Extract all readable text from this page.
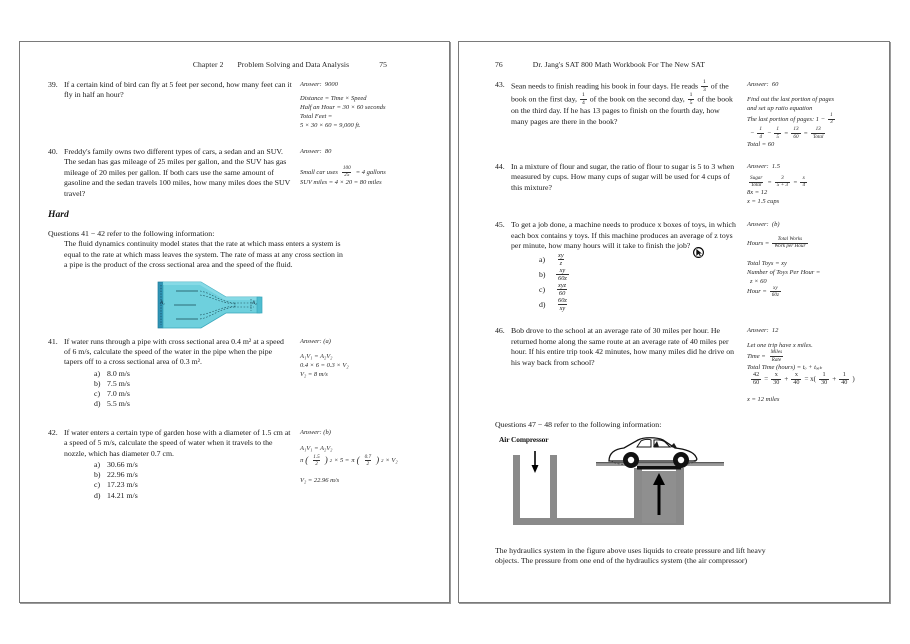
Chapter 2 Problem Solving and Data Analysis	75
39. If a certain kind of bird can fly at 5 feet per second, how many feet can it fly in half an hour?
Answer: 9000
Distance = Time × Speed
Half an Hour = 30 × 60 seconds
Total Feet =
5 × 30 × 60 = 9,000 ft.
40. Freddy's family owns two different types of cars, a sedan and an SUV. The sedan has gas mileage of 25 miles per gallon, and the SUV has gas mileage of 20 miles per gallon. If both cars use the same amount of gasoline and the sedan travels 100 miles, how many miles does the SUV travel?
Answer: 80
Small car uses $\frac{100}{25} = 4$ gallons
SUV miles = 4 × 20 = 80 miles
Hard
Questions 41 − 42 refer to the following information:
The fluid dynamics continuity model states that the rate at which mass enters a system is equal to the rate at which mass leaves the system. The rate of mass at any cross section in a pipe is the product of the cross sectional area and the speed of the fluid.
A₁	A₂
41. If water runs through a pipe with cross sectional area 0.4 m² at a speed of 6 m/s, calculate the speed of the water in the pipe when the pipe tapers off to a cross sectional area of 0.3 m².
a) 8.0 m/s
b) 7.5 m/s
c) 7.0 m/s
d) 5.5 m/s
Answer: (a)
A₁V₁ = A₂V₂
0.4 × 6 = 0.3 × V₂
V₂ = 8 m/s
42. If water enters a certain type of garden hose with a diameter of 1.5 cm at a speed of 5 m/s, calculate the speed of water when it travels to the nozzle, which has diameter 0.7 cm.
a) 30.66 m/s
b) 22.96 m/s
c) 17.23 m/s
d) 14.21 m/s
Answer: (b)
A₁V₁ = A₂V₂
π ( $\frac{1.5}{2}$ ) 2 × 5 = π ( $\frac{0.7}{2}$ ) 2 × V₂
V₂ = 22.96 m/s
76	Dr. Jang's SAT 800 Math Workbook For The New SAT
43. Sean needs to finish reading his book in four days. He reads $\frac{1}{3}$ of the book on the first day, $\frac{1}{4}$ of the book on the second day, $\frac{1}{5}$ of the book on the third day. If he has 13 pages to finish on the fourth day, how many pages are there in the book?
Answer: 60
Find out the last portion of pages
and set up ratio equation
The last portion of pages: $1 - \frac{1}{3}$
− $\frac{1}{4} - \frac{1}{5} = \frac{13}{60} = \frac{13}{\text{Total}}$
Total = 60
44. In a mixture of flour and sugar, the ratio of flour to sugar is 5 to 3 when measured by cups. How many cups of sugar will be used for 4 cups of this mixture?
Answer: 1.5
$\frac{\text{Sugar}}{\text{Total}} = \frac{3}{5 + 3} = \frac{x}{4}$
8x = 12
x = 1.5 cups
45. To get a job done, a machine needs to produce x boxes of toys, in which each box contains y toys. If this machine produces an average of z toys per minute, how many hours will it take to finish the job?
a)	$\frac{xy}{z}$
b)	$\frac{xy}{60z}$
c)	$\frac{\text{xyz}}{60}$
d)	$\frac{60z}{xy}$
Answer: (b)
Hours = $\frac{\text{Total Works}}{\text{Work per Hour}}$
Total Toys = xy
Number of Toys Per Hour =
z × 60
Hour = $\frac{xy}{60z}$
46. Bob drove to the school at an average rate of 30 miles per hour. He returned home along the same route at an average rate of 40 miles per hour. If his entire trip took 42 minutes, how many miles did he drive on his way back from school?
Answer: 12
Let one trip have x miles.
Time = $\frac{\text{Miles}}{\text{Rate}}$
Total Time (hours) = tₒ + tₒₑₖ
$\frac{42}{60} = \frac{x}{30} + \frac{x}{40} = x( \frac{1}{30} + \frac{1}{40}$ )
x = 12 miles
Questions 47 − 48 refer to the following information:
Air Compressor
The hydraulics system in the figure above uses liquids to create pressure and lift heavy objects. The pressure from one end of the hydraulics system (the air compressor)
